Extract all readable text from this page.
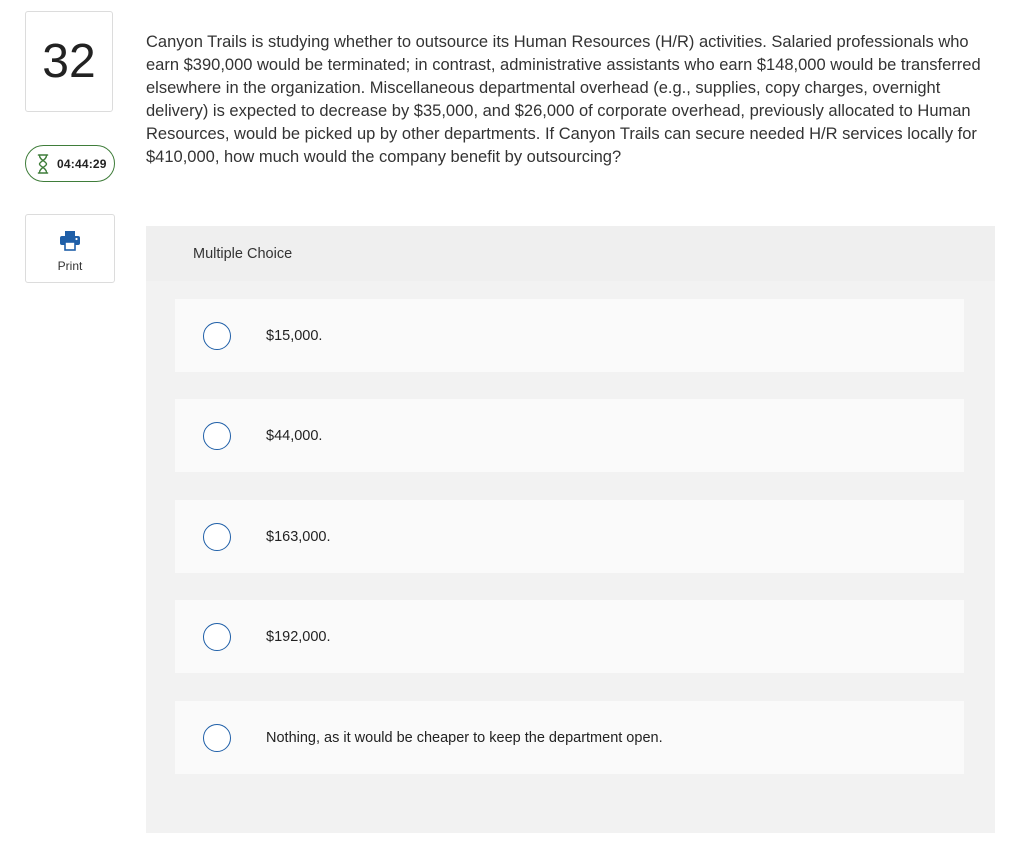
32
04:44:29
Print

Canyon Trails is studying whether to outsource its Human Resources (H/R) activities. Salaried professionals who earn $390,000 would be terminated; in contrast, administrative assistants who earn $148,000 would be transferred elsewhere in the organization. Miscellaneous departmental overhead (e.g., supplies, copy charges, overnight delivery) is expected to decrease by $35,000, and $26,000 of corporate overhead, previously allocated to Human Resources, would be picked up by other departments. If Canyon Trails can secure needed H/R services locally for $410,000, how much would the company benefit by outsourcing?

Multiple Choice
$15,000.
$44,000.
$163,000.
$192,000.
Nothing, as it would be cheaper to keep the department open.
